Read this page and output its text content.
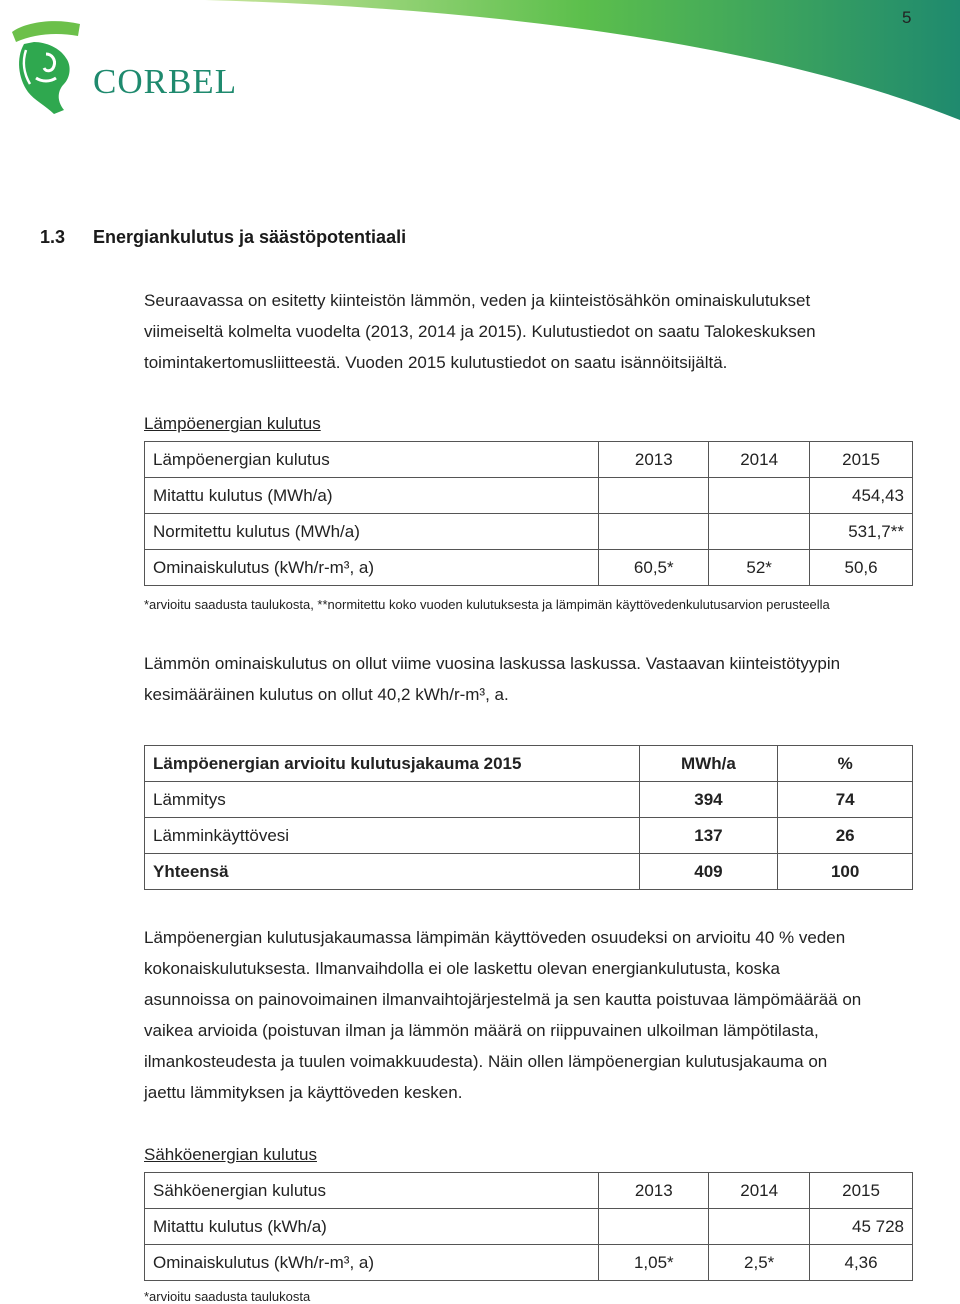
CORBEL
5
1.3 Energiankulutus ja säästöpotentiaali
Seuraavassa on esitetty kiinteistön lämmön, veden ja kiinteistösähkön ominaiskulutukset
viimeiseltä kolmelta vuodelta (2013, 2014 ja 2015). Kulutustiedot on saatu Talokeskuksen
toimintakertomusliitteestä. Vuoden 2015 kulutustiedot on saatu isännöitsijältä.
Lämpöenergian kulutus
Lämpöenergian kulutus	2013	2014	2015
Mitattu kulutus (MWh/a)			454,43
Normitettu kulutus (MWh/a)			531,7**
Ominaiskulutus (kWh/r-m³, a)	60,5*	52*	50,6
*arvioitu saadusta taulukosta, **normitettu koko vuoden kulutuksesta ja lämpimän käyttövedenkulutusarvion perusteella
Lämmön ominaiskulutus on ollut viime vuosina laskussa laskussa. Vastaavan kiinteistötyypin
kesimääräinen kulutus on ollut 40,2 kWh/r-m³, a.
Lämpöenergian arvioitu kulutusjakauma 2015	MWh/a	%
Lämmitys	394	74
Lämminkäyttövesi	137	26
Yhteensä	409	100
Lämpöenergian kulutusjakaumassa lämpimän käyttöveden osuudeksi on arvioitu 40 % veden
kokonaiskulutuksesta. Ilmanvaihdolla ei ole laskettu olevan energiankulutusta, koska
asunnoissa on painovoimainen ilmanvaihtojärjestelmä ja sen kautta poistuvaa lämpömäärää on
vaikea arvioida (poistuvan ilman ja lämmön määrä on riippuvainen ulkoilman lämpötilasta,
ilmankosteudesta ja tuulen voimakkuudesta). Näin ollen lämpöenergian kulutusjakauma on
jaettu lämmityksen ja käyttöveden kesken.
Sähköenergian kulutus
Sähköenergian kulutus	2013	2014	2015
Mitattu kulutus (kWh/a)			45 728
Ominaiskulutus (kWh/r-m³, a)	1,05*	2,5*	4,36
*arvioitu saadusta taulukosta
